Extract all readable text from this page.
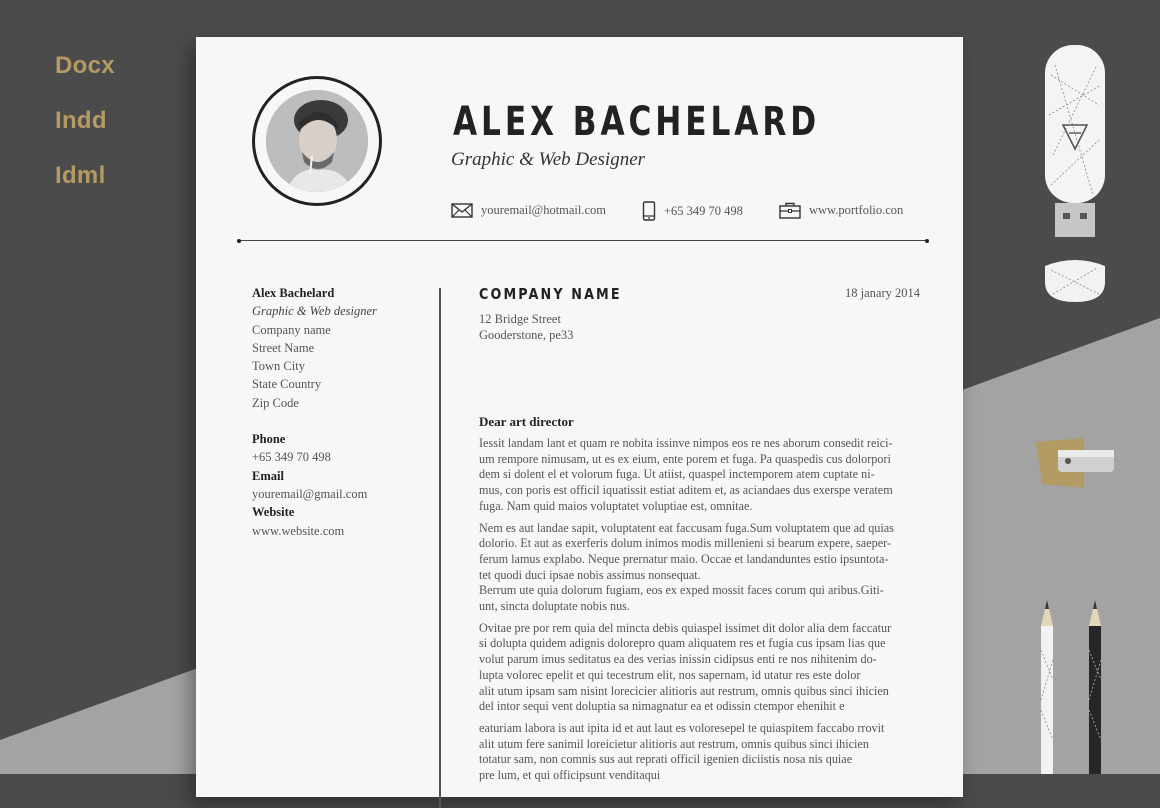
Docx
Indd
Idml
ALEX BACHELARD
Graphic & Web Designer
youremail@hotmail.com	+65 349 70 498	www.portfolio.con
Alex Bachelard
Graphic & Web designer
Company name
Street Name
Town City
State Country
Zip Code
Phone
+65 349 70 498
Email
youremail@gmail.com
Website
www.website.com
COMPANY NAME	18 janary 2014
12 Bridge Street
Gooderstone, pe33
Dear art director

Iessit landam lant et quam re nobita issinve nimpos eos re nes aborum consedit reici-
um rempore nimusam, ut es ex eium, ente porem et fuga. Pa quaspedis cus dolorpori
dem si dolent el et volorum fuga. Ut atiist, quaspel inctemporem atem cuptate ni-
mus, con poris est officil iquatissit estiat aditem et, as aciandaes dus exerspe veratem
fuga. Nam quid maios voluptatet voluptiae est, omnitae.

Nem es aut landae sapit, voluptatent eat faccusam fuga.Sum voluptatem que ad quias
dolorio. Et aut as exerferis dolum inimos modis millenieni si bearum expere, saeper-
ferum lamus explabo. Neque prernatur maio. Occae et landanduntes estio ipsuntota-
tet quodi duci ipsae nobis assimus nonsequat.
Berrum ute quia dolorum fugiam, eos ex exped mossit faces corum qui aribus.Giti-
unt, sincta doluptate nobis nus.

Ovitae pre por rem quia del mincta debis quiaspel issimet dit dolor alia dem faccatur
si dolupta quidem adignis dolorepro quam aliquatem res et fugia cus ipsam lias que
volut parum imus seditatus ea des verias inissin cidipsus enti re nos nihitenim do-
lupta volorec epelit et qui tecestrum elit, nos sapernam, id utatur res este dolor
alit utum ipsam sam nisint lorecicier alitioris aut restrum, omnis quibus sinci ihicien
del intor sequi vent doluptia sa nimagnatur ea et odissin ctempor ehenihit e

eaturiam labora is aut ipita id et aut laut es voloresepel te quiaspitem faccabo rrovit
alit utum fere sanimil loreicietur alitioris aut restrum, omnis quibus sinci ihicien
totatur sam, non comnis sus aut reprati officil igenien diciistis nosa nis quiae
pre lum, et qui officipsunt venditaqui
